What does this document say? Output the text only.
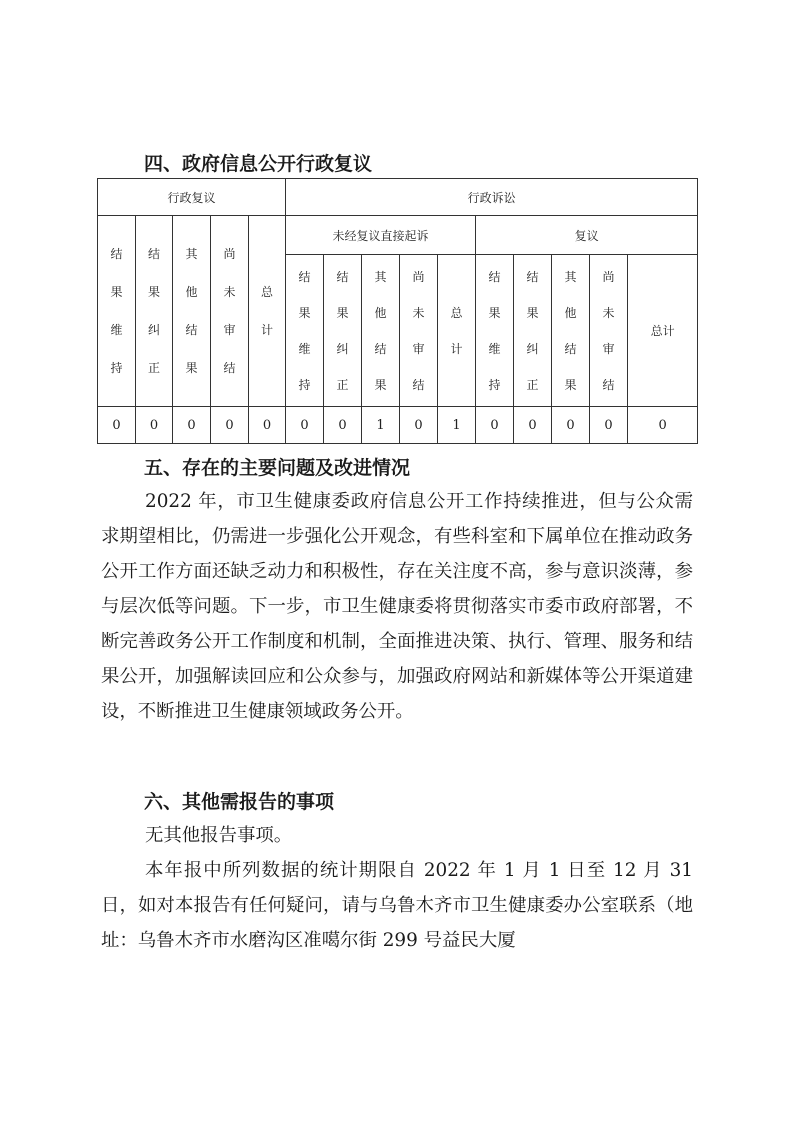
四、政府信息公开行政复议
行政复议					行政诉讼									
结果维持	结果纠正	其他结果	尚未审结	总计	未经复议直接起诉					复议				
					结果维持	结果纠正	其他结果	尚未审结	总计	结果维持	结果纠正	其他结果	尚未审结	总计

0	0	0	0	0	0	0	1	0	1	0	0	0	0	0
五、存在的主要问题及改进情况
2022 年，市卫生健康委政府信息公开工作持续推进，但与公众需求期望相比，仍需进一步强化公开观念，有些科室和下属单位在推动政务公开工作方面还缺乏动力和积极性，存在关注度不高，参与意识淡薄，参与层次低等问题。下一步，市卫生健康委将贯彻落实市委市政府部署，不断完善政务公开工作制度和机制，全面推进决策、执行、管理、服务和结果公开，加强解读回应和公众参与，加强政府网站和新媒体等公开渠道建设，不断推进卫生健康领域政务公开。
六、其他需报告的事项
无其他报告事项。
本年报中所列数据的统计期限自 2022 年 1 月 1 日至 12 月 31 日，如对本报告有任何疑问，请与乌鲁木齐市卫生健康委办公室联系（地址：乌鲁木齐市水磨沟区准噶尔街 299 号益民大厦
